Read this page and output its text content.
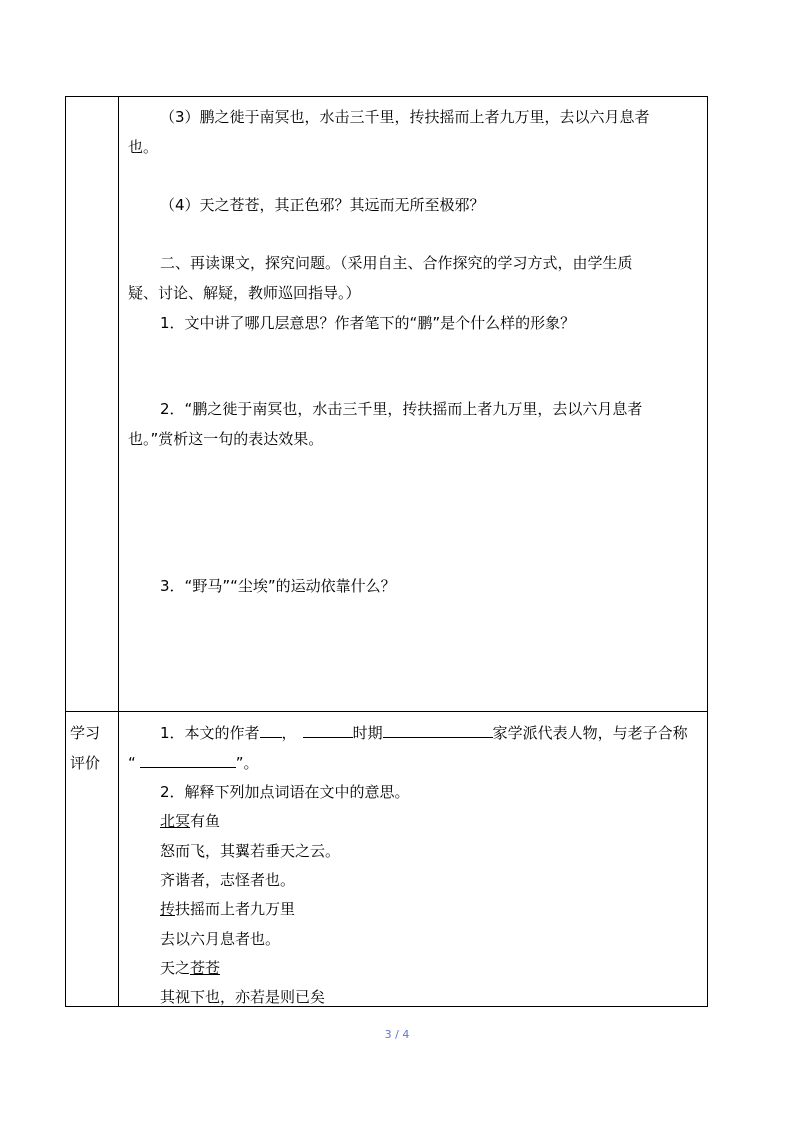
（3）鹏之徙于南冥也，水击三千里，抟扶摇而上者九万里，去以六月息者
也。
（4）天之苍苍，其正色邪？其远而无所至极邪？
二、再读课文，探究问题。（采用自主、合作探究的学习方式，由学生质
疑、讨论、解疑，教师巡回指导。）
1．文中讲了哪几层意思？作者笔下的“鹏”是个什么样的形象？
2．“鹏之徙于南冥也，水击三千里，抟扶摇而上者九万里，去以六月息者
也。”赏析这一句的表达效果。
3．“野马”“尘埃”的运动依靠什么？
学习
评价
1．本文的作者 ，	时期	家学派代表人物，与老子合称
“	”。
2．解释下列加点词语在文中的意思。
北冥有鱼
怒而飞，其翼若垂天之云。
齐谐者，志怪者也。
抟扶摇而上者九万里
去以六月息者也。
天之苍苍
其视下也，亦若是则已矣
3 / 4
